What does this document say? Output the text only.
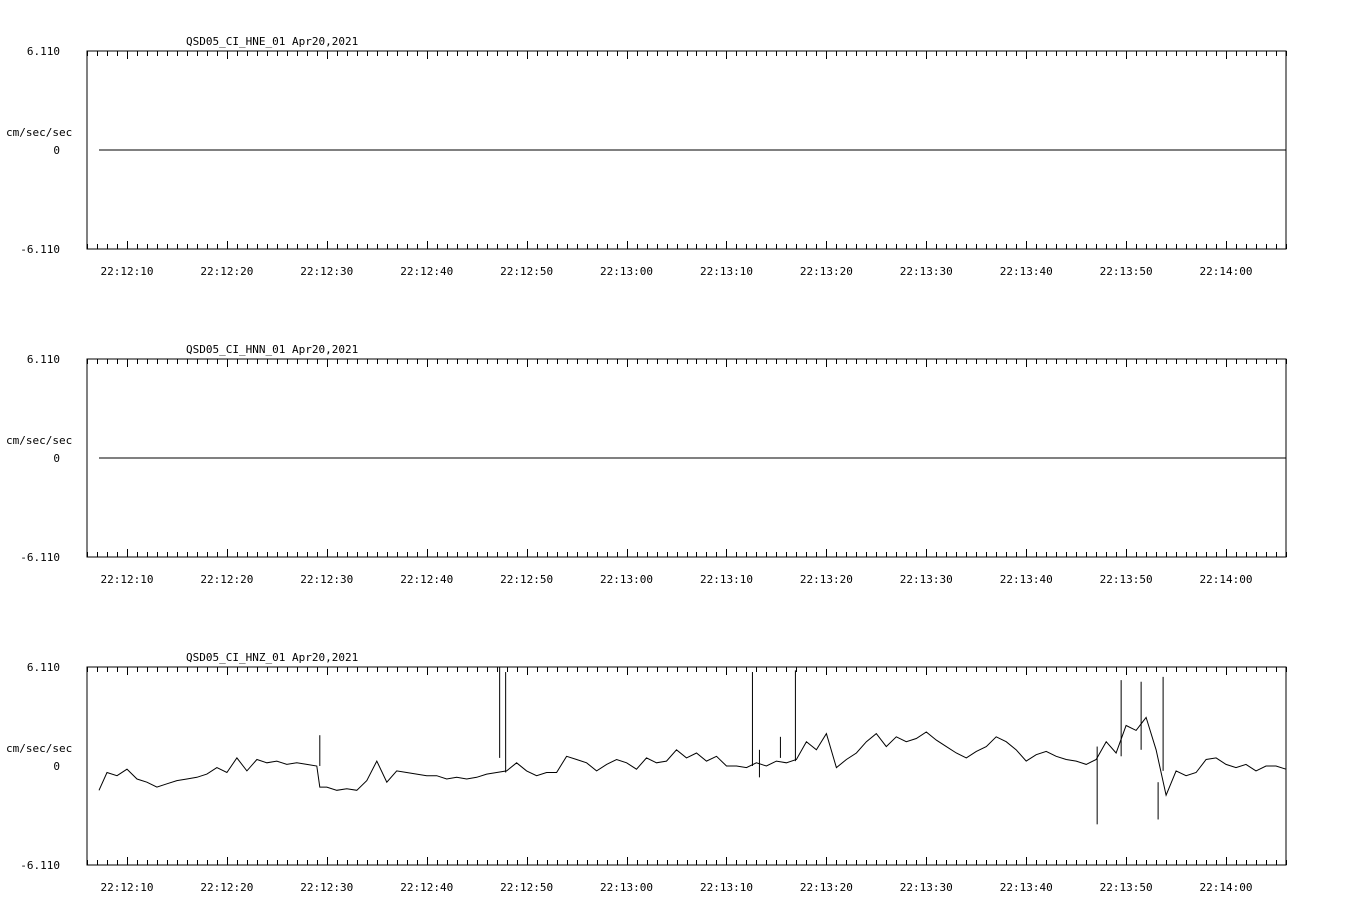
QSD05_CI_HNE_01 Apr20,2021
cm/sec/sec
6.110
0
-6.110
22:12:10	22:12:20	22:12:30	22:12:40	22:12:50	22:13:00	22:13:10	22:13:20	22:13:30	22:13:40	22:13:50	22:14:00
QSD05_CI_HNN_01 Apr20,2021
cm/sec/sec
6.110
0
-6.110
22:12:10	22:12:20	22:12:30	22:12:40	22:12:50	22:13:00	22:13:10	22:13:20	22:13:30	22:13:40	22:13:50	22:14:00
QSD05_CI_HNZ_01 Apr20,2021
cm/sec/sec
6.110
0
-6.110
22:12:10	22:12:20	22:12:30	22:12:40	22:12:50	22:13:00	22:13:10	22:13:20	22:13:30	22:13:40	22:13:50	22:14:00
